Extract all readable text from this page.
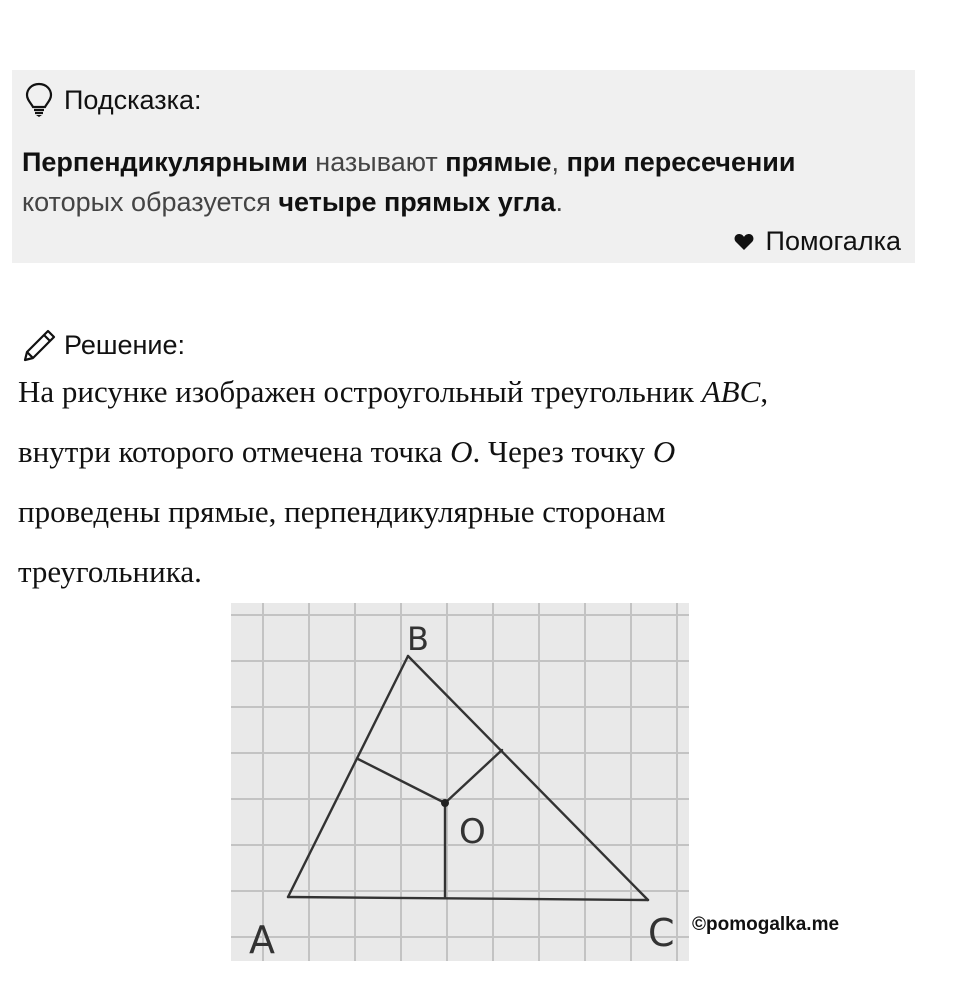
Подсказка:
Перпендикулярными называют прямые, при пересечении
которых образуется четыре прямых угла.
Помогалка
Решение:
На рисунке изображен остроугольный треугольник ABC,
внутри которого отмечена точка O. Через точку O
проведены прямые, перпендикулярные сторонам
треугольника.
A
B
C
O
©pomogalka.me
